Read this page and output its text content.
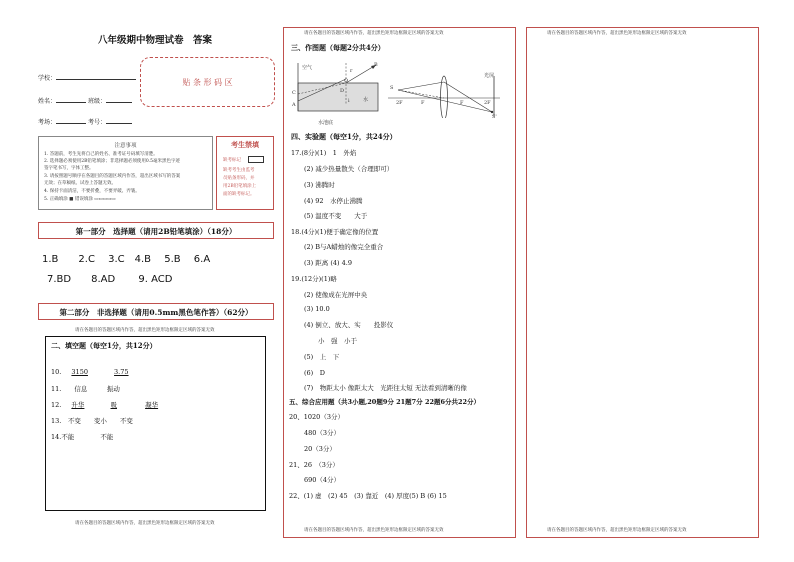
八年级期中物理试卷　答案
学校：
姓名：	班级：
考场：	考号：
贴 条 形 码 区
注意事项
1. 答题前，考生先将自己的姓名、准考证号码填写清楚。
2. 选择题必须使用2B铅笔填涂；非选择题必须使用0.5毫米黑色字迹
签字笔书写，字体工整。
3. 请按照题号顺序在各题目的答题区域内作答，超出区域书写的答案
无效；在草稿纸、试卷上答题无效。
4. 保持卡面清洁，不要折叠，不要弄破、弄皱。
5. 正确填涂 ■ 错误填涂 ▭▭▭▭▭
考生禁填
缺考标记
缺考考生由监考
员贴条形码，并
用2B铅笔填涂上
面的缺考标记。
第一部分　选择题（请用2B铅笔填涂）（18分）
1.B　　2.C　 3.C　4.B　 5.B　 6.A
7.BD　　8.AD　　 9. ACD
第二部分　非选择题（请用0.5mm黑色笔作答）（62分）
请在各题目的答题区域内作答，超出黑色矩形边框限定区域的答案无效
二、填空题（每空1分，共12分）
10. 3150	3.75
11.　　信息　　　振动
12. 升华	吸	凝华
13.　不变　　变小　　不变
14.不能　　　　不能
请在各题目的答题区域内作答，超出黑色矩形边框限定区域的答案无效
请在各题目的答题区域内作答，超出黑色矩形边框限定区域的答案无效
三、作图题（每题2分共4分）
空气
水
水池底
C
A
B
O
D
r
i
S
S'
2F	F	F	2F
光屏
四、实验题（每空1分，共24分）
17.(8分)(1)　1　外焰
(2) 减少热量散失（合理即可）
(3) 沸腾时
(4) 92　水停止沸腾
(5) 温度不变　　大于
18.(4分)(1)便于确定像的位置
(2) B与A蜡烛的像完全重合
(3) 距离 (4) 4.9
19.(12分)(1)略
(2) 使像成在光屏中央
(3) 10.0
(4) 倒立、放大、实　　投影仪
小　强　小于
(5)　上　下
(6)　D
(7)　物距太小 像距太大　光距往太短 无法看到清晰的像
五、综合应用题（共3小题,20题9分 21题7分 22题6分共22分）
20、1020（3分）
480（3分）
20（3分）
21、26　（3分）
690（4分）
22、(1) 虚　(2) 45　(3) 靠近　(4) 厚度(5) B (6) 15
请在各题目的答题区域内作答，超出黑色矩形边框限定区域的答案无效
请在各题目的答题区域内作答，超出黑色矩形边框限定区域的答案无效
请在各题目的答题区域内作答，超出黑色矩形边框限定区域的答案无效
